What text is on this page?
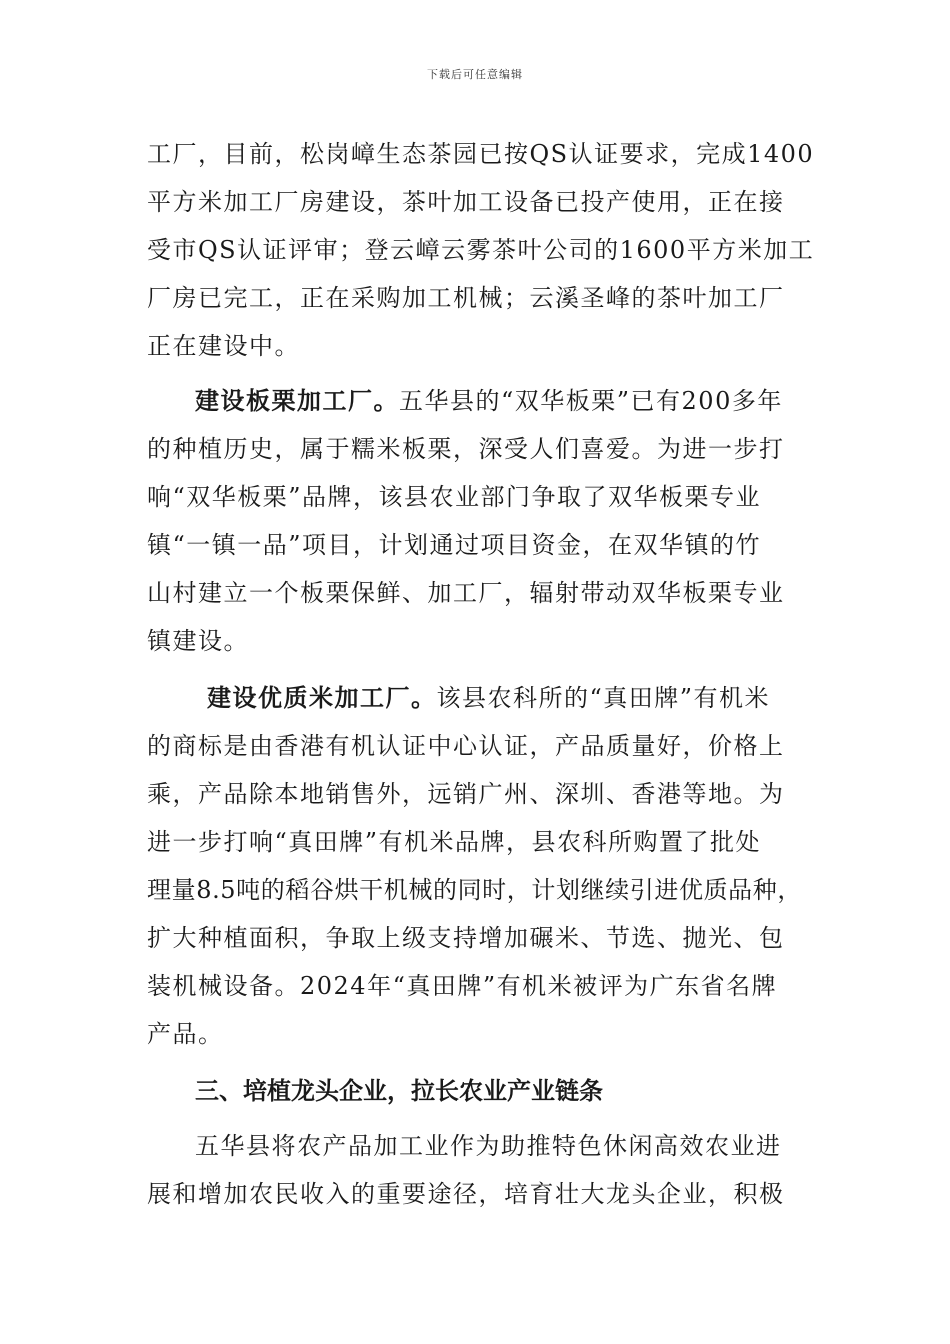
下载后可任意编辑
工厂，目前，松岗嶂生态茶园已按QS认证要求，完成1400
平方米加工厂房建设，茶叶加工设备已投产使用，正在接
受市QS认证评审；登云嶂云雾茶叶公司的1600平方米加工
厂房已完工，正在采购加工机械；云溪圣峰的茶叶加工厂
正在建设中。
建设板栗加工厂。五华县的“双华板栗”已有200多年
的种植历史，属于糯米板栗，深受人们喜爱。为进一步打
响“双华板栗”品牌，该县农业部门争取了双华板栗专业
镇“一镇一品”项目，计划通过项目资金，在双华镇的竹
山村建立一个板栗保鲜、加工厂，辐射带动双华板栗专业
镇建设。
建设优质米加工厂。该县农科所的“真田牌”有机米
的商标是由香港有机认证中心认证，产品质量好，价格上
乘，产品除本地销售外，远销广州、深圳、香港等地。为
进一步打响“真田牌”有机米品牌，县农科所购置了批处
理量8.5吨的稻谷烘干机械的同时，计划继续引进优质品种，
扩大种植面积，争取上级支持增加碾米、节选、抛光、包
装机械设备。2024年“真田牌”有机米被评为广东省名牌
产品。
三、培植龙头企业，拉长农业产业链条
五华县将农产品加工业作为助推特色休闲高效农业进
展和增加农民收入的重要途径，培育壮大龙头企业，积极
